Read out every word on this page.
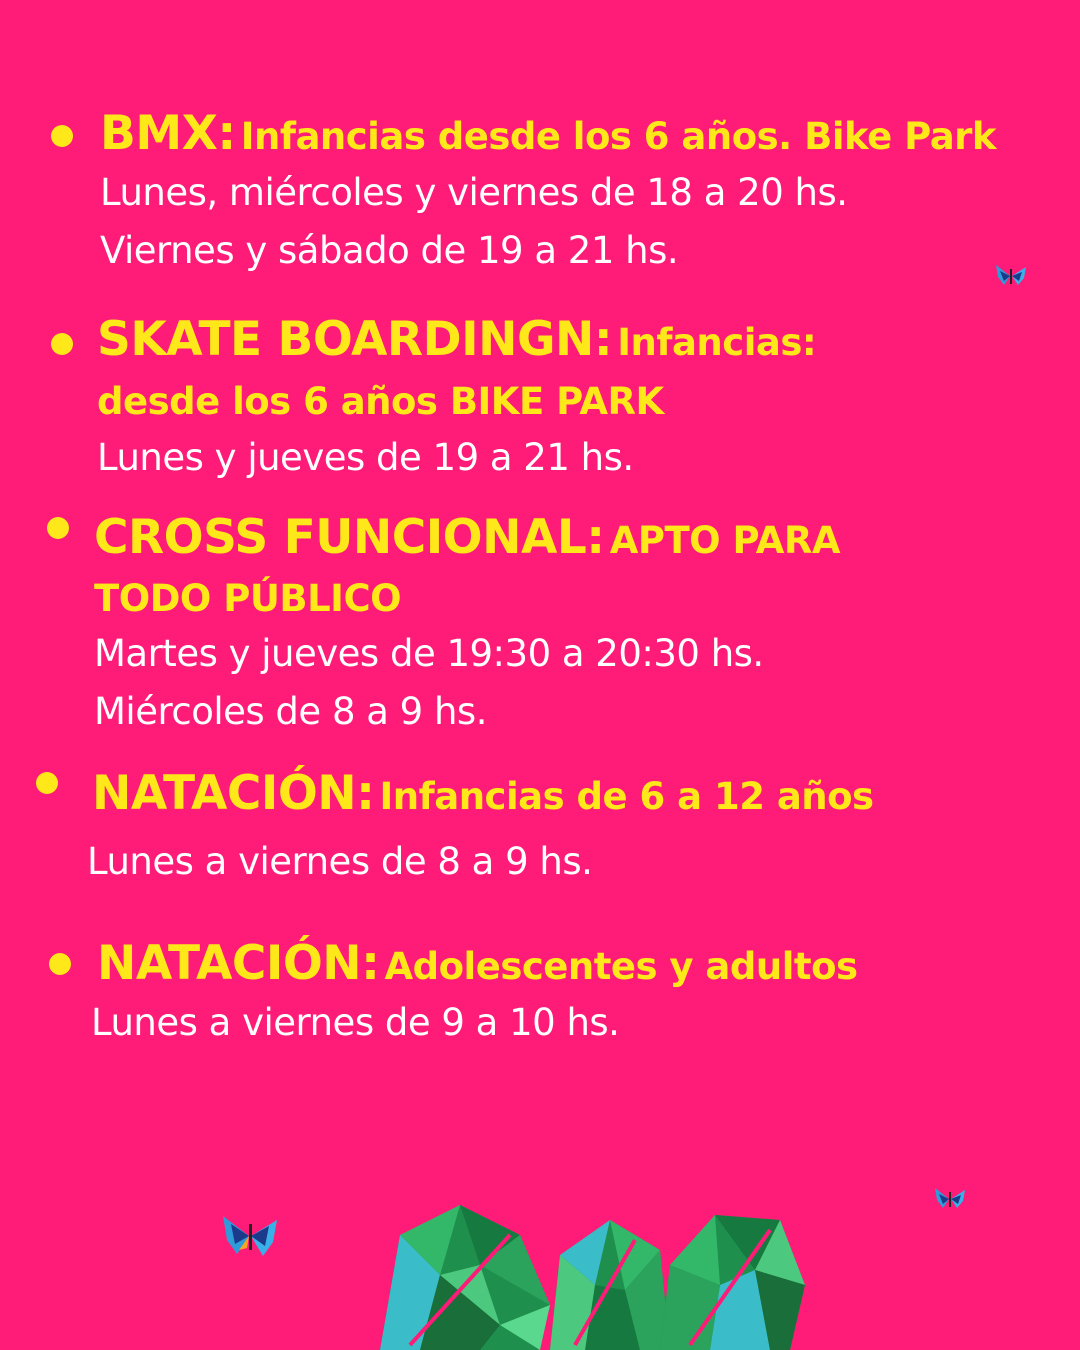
BMX: Infancias desde los 6 años. Bike Park
Lunes, miércoles y viernes de 18 a 20 hs.
Viernes y sábado de 19 a 21 hs.
SKATE BOARDINGN: Infancias:
desde los 6 años BIKE PARK
Lunes y jueves de 19 a 21 hs.
CROSS FUNCIONAL: APTO PARA
TODO PÚBLICO
Martes y jueves de 19:30 a 20:30 hs.
Miércoles de 8 a 9 hs.
NATACIÓN: Infancias de 6 a 12 años
Lunes a viernes de 8 a 9 hs.
NATACIÓN: Adolescentes y adultos
Lunes a viernes de 9 a 10 hs.
